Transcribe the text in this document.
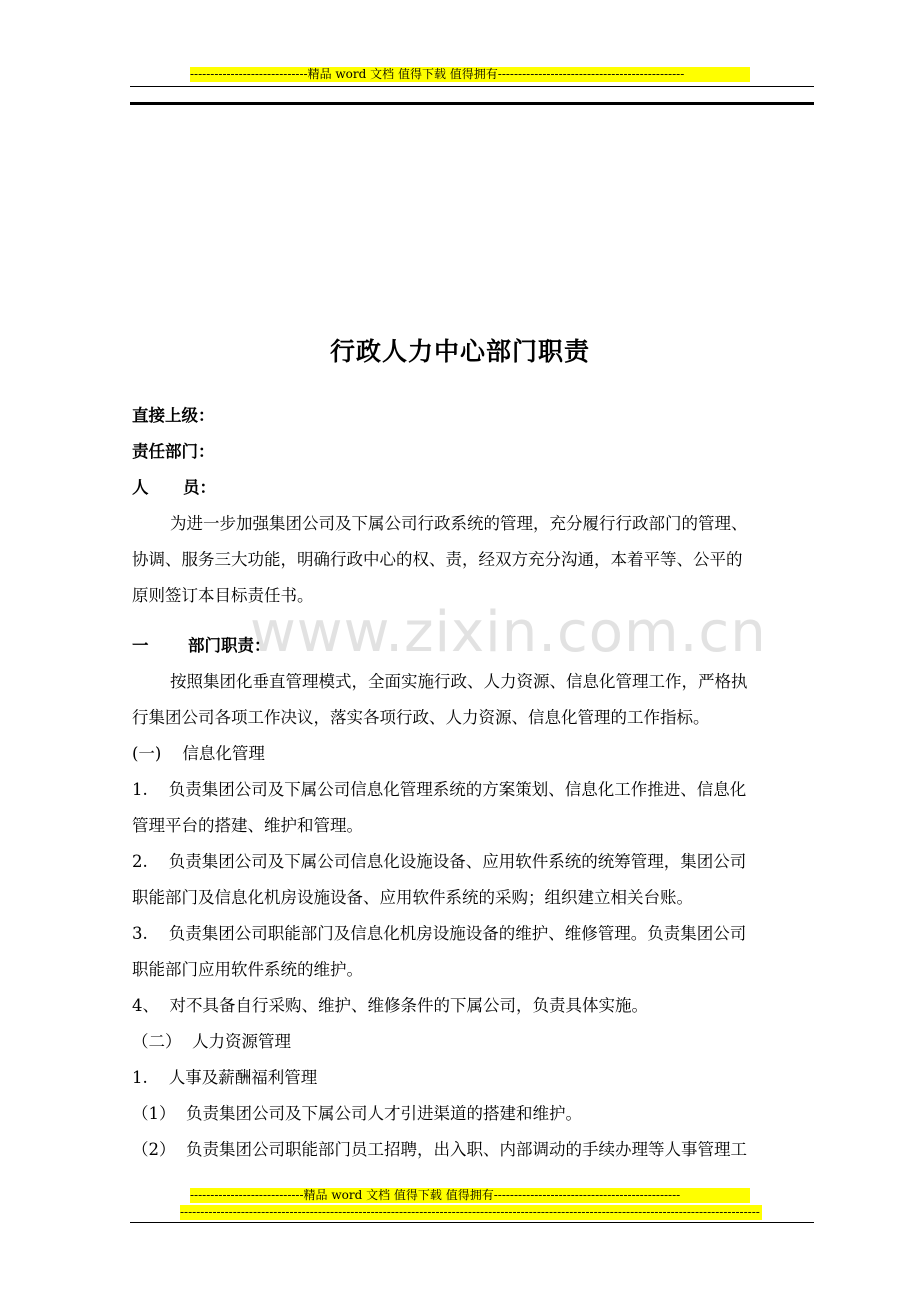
-----------------------------精品 word 文档 值得下载 值得拥有----------------------------------------------
www.zixin.com.cn
行政人力中心部门职责
直接上级：
责任部门：
人      员：
为进一步加强集团公司及下属公司行政系统的管理，充分履行行政部门的管理、
协调、服务三大功能，明确行政中心的权、责，经双方充分沟通，本着平等、公平的
原则签订本目标责任书。
一	部门职责：
按照集团化垂直管理模式，全面实施行政、人力资源、信息化管理工作，严格执
行集团公司各项工作决议，落实各项行政、人力资源、信息化管理的工作指标。
(一)    信息化管理
1.    负责集团公司及下属公司信息化管理系统的方案策划、信息化工作推进、信息化
管理平台的搭建、维护和管理。
2.    负责集团公司及下属公司信息化设施设备、应用软件系统的统筹管理，集团公司
职能部门及信息化机房设施设备、应用软件系统的采购；组织建立相关台账。
3.    负责集团公司职能部门及信息化机房设施设备的维护、维修管理。负责集团公司
职能部门应用软件系统的维护。
4、  对不具备自行采购、维护、维修条件的下属公司，负责具体实施。
（二）  人力资源管理
1.    人事及薪酬福利管理
（1）  负责集团公司及下属公司人才引进渠道的搭建和维护。
（2）  负责集团公司职能部门员工招聘，出入职、内部调动的手续办理等人事管理工
----------------------------精品 word 文档 值得下载 值得拥有----------------------------------------------
-----------------------------------------------------------------------------------------------------------------------------------------------
